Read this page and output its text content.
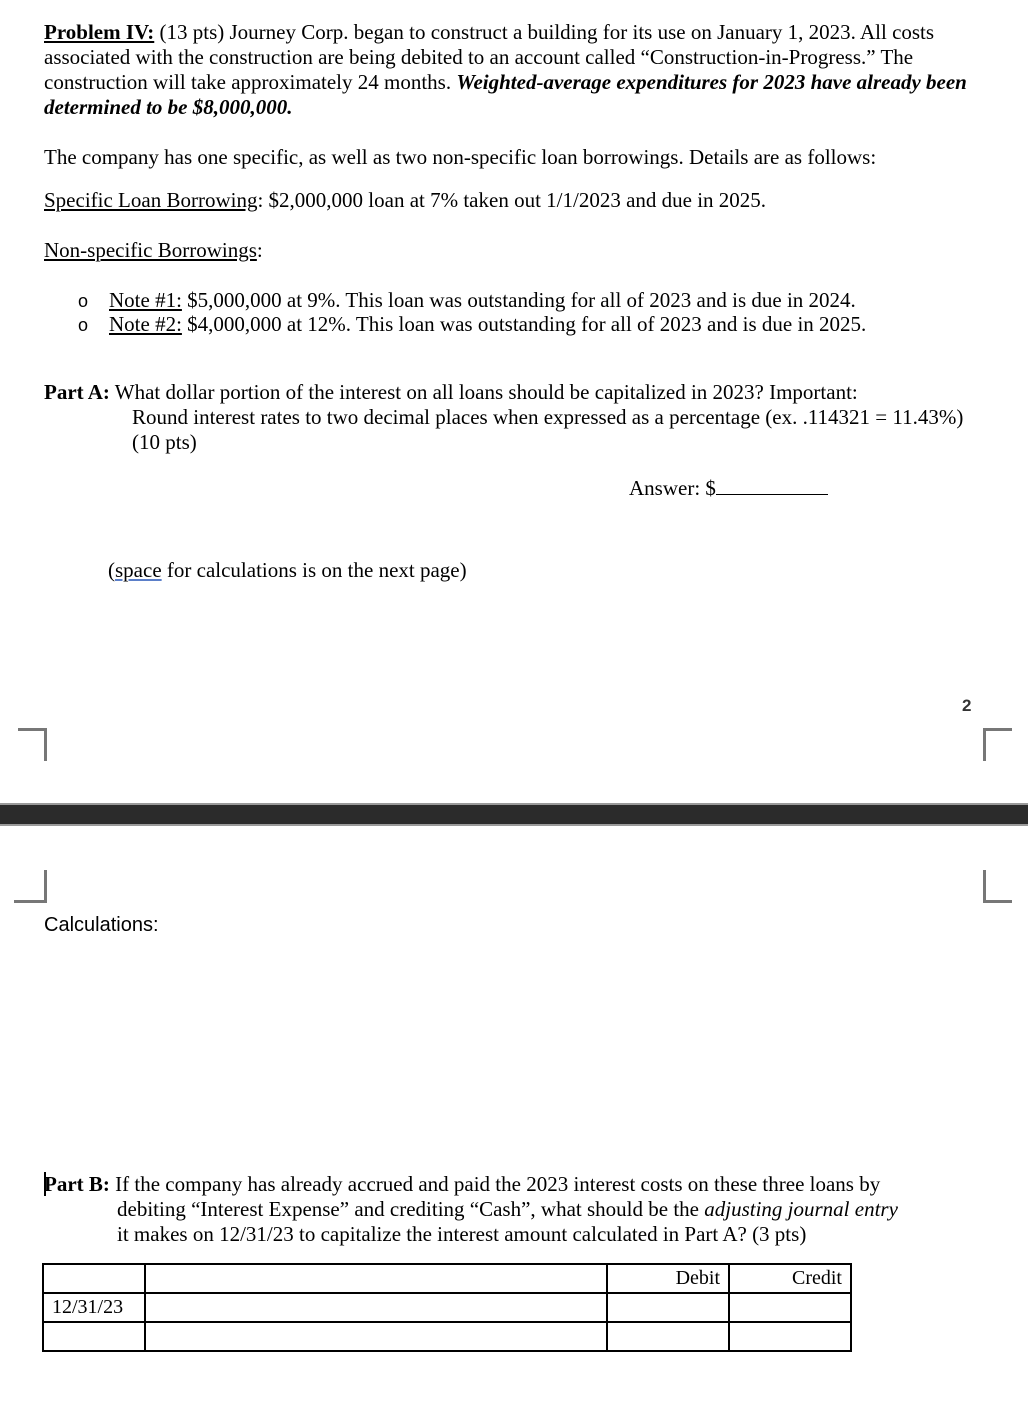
Problem IV: (13 pts) Journey Corp. began to construct a building for its use on January 1, 2023. All costs associated with the construction are being debited to an account called “Construction-in-Progress.” The construction will take approximately 24 months. Weighted-average expenditures for 2023 have already been determined to be $8,000,000.
The company has one specific, as well as two non-specific loan borrowings. Details are as follows:
Specific Loan Borrowing: $2,000,000 loan at 7% taken out 1/1/2023 and due in 2025.
Non-specific Borrowings:
o Note #1: $5,000,000 at 9%. This loan was outstanding for all of 2023 and is due in 2024.
o Note #2: $4,000,000 at 12%. This loan was outstanding for all of 2023 and is due in 2025.
Part A: What dollar portion of the interest on all loans should be capitalized in 2023? Important:
Round interest rates to two decimal places when expressed as a percentage (ex. .114321 = 11.43%) (10 pts)
Answer: $
(space for calculations is on the next page)
2
Calculations:
Part B: If the company has already accrued and paid the 2023 interest costs on these three loans by
debiting “Interest Expense” and crediting “Cash”, what should be the adjusting journal entry
it makes on 12/31/23 to capitalize the interest amount calculated in Part A? (3 pts)
		Debit	Credit
12/31/23			
